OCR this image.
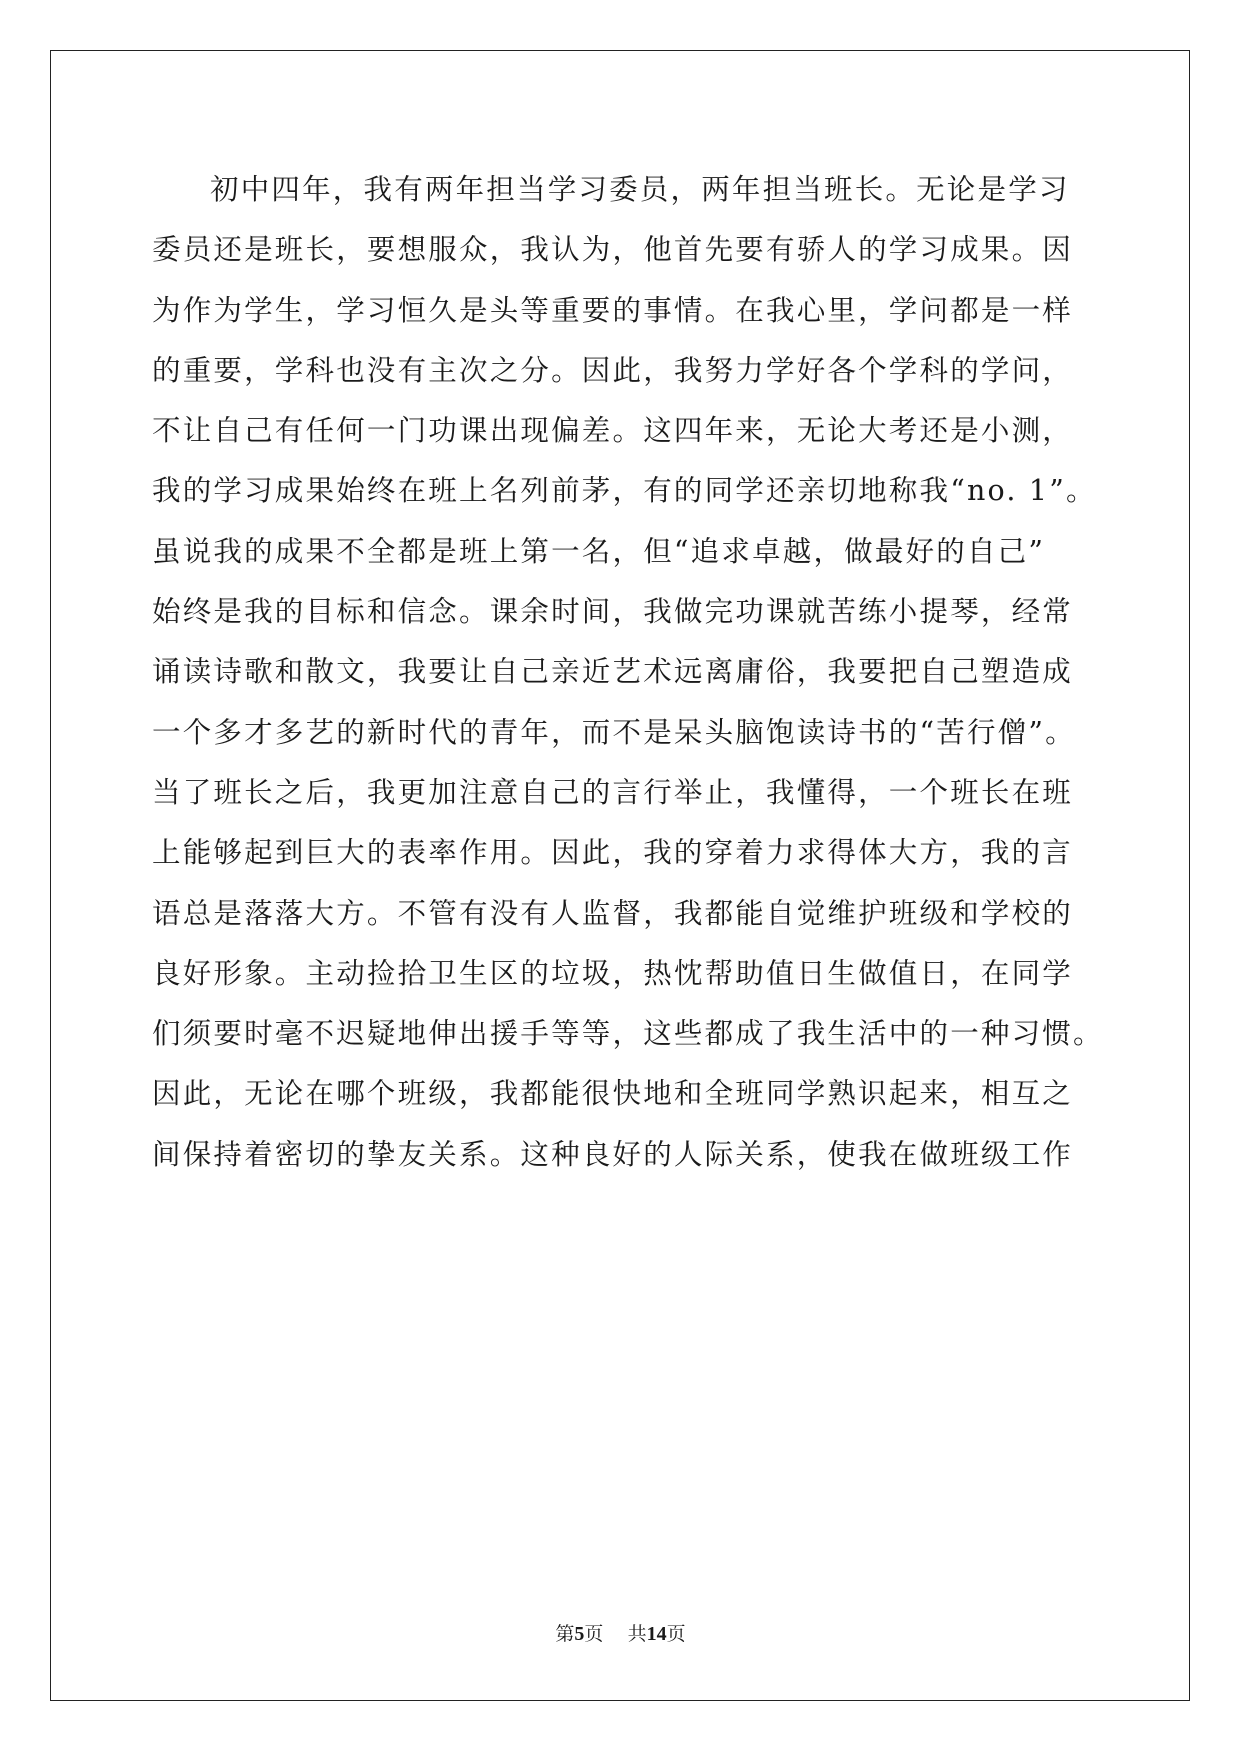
初中四年，我有两年担当学习委员，两年担当班长。无论是学习
委员还是班长，要想服众，我认为，他首先要有骄人的学习成果。因
为作为学生，学习恒久是头等重要的事情。在我心里，学问都是一样
的重要，学科也没有主次之分。因此，我努力学好各个学科的学问，
不让自己有任何一门功课出现偏差。这四年来，无论大考还是小测，
我的学习成果始终在班上名列前茅，有的同学还亲切地称我“no. 1”。
虽说我的成果不全都是班上第一名，但“追求卓越，做最好的自己”
始终是我的目标和信念。课余时间，我做完功课就苦练小提琴，经常
诵读诗歌和散文，我要让自己亲近艺术远离庸俗，我要把自己塑造成
一个多才多艺的新时代的青年，而不是呆头脑饱读诗书的“苦行僧”。
当了班长之后，我更加注意自己的言行举止，我懂得，一个班长在班
上能够起到巨大的表率作用。因此，我的穿着力求得体大方，我的言
语总是落落大方。不管有没有人监督，我都能自觉维护班级和学校的
良好形象。主动捡拾卫生区的垃圾，热忱帮助值日生做值日，在同学
们须要时毫不迟疑地伸出援手等等，这些都成了我生活中的一种习惯。
因此，无论在哪个班级，我都能很快地和全班同学熟识起来，相互之
间保持着密切的挚友关系。这种良好的人际关系，使我在做班级工作
第5页 共14页
